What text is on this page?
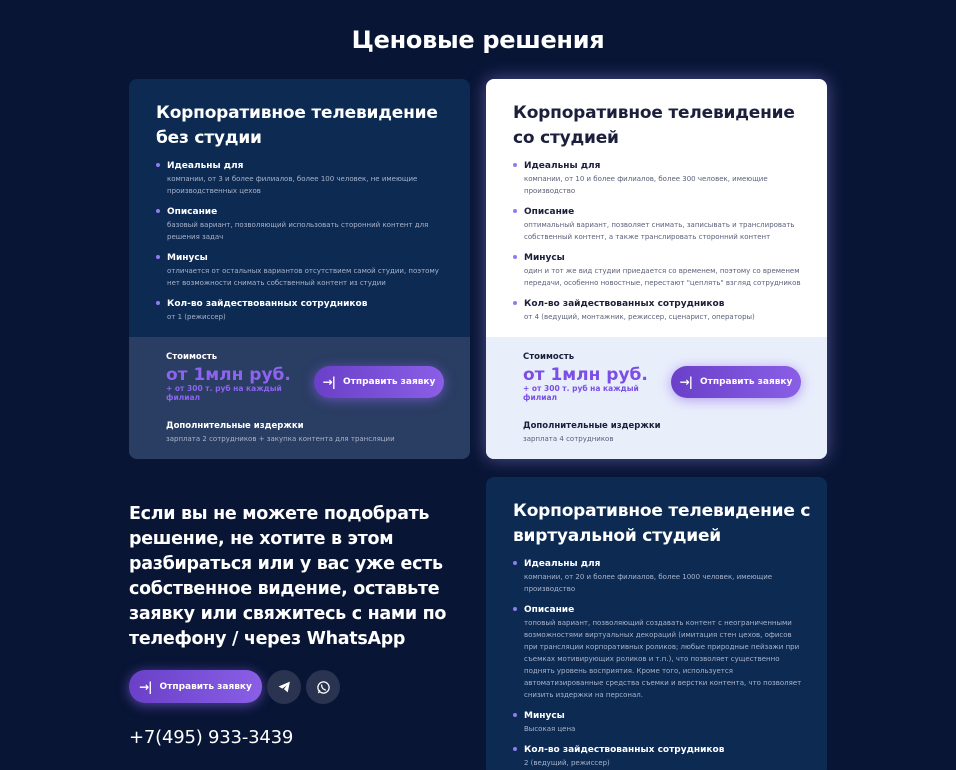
Ценовые решения
Корпоративное телевидение без студии
Идеальны для
компании, от 3 и более филиалов, более 100 человек, не имеющие производственных цехов
Описание
базовый вариант, позволяющий использовать сторонний контент для решения задач
Минусы
отличается от остальных вариантов отсутствием самой студии, поэтому нет возможности снимать собственный контент из студии
Кол-во зайдествованных сотрудников
от 1 (режиссер)
Стоимость
от 1млн руб.
+ от 300 т. руб на каждый филиал
→| Отправить заявку
Дополнительные издержки
зарплата 2 сотрудников + закупка контента для трансляции
Корпоративное телевидение со студией
Идеальны для
компании, от 10 и более филиалов, более 300 человек, имеющие производство
Описание
оптимальный вариант, позволяет снимать, записывать и транслировать собственный контент, а также транслировать сторонний контент
Минусы
один и тот же вид студии приедается со временем, поэтому со временем передачи, особенно новостные, перестают "цеплять" взгляд сотрудников
Кол-во зайдествованных сотрудников
от 4 (ведущий, монтажник, режиссер, сценарист, операторы)
Стоимость
от 1млн руб.
+ от 300 т. руб на каждый филиал
→| Отправить заявку
Дополнительные издержки
зарплата 4 сотрудников
Корпоративное телевидение с виртуальной студией
Идеальны для
компании, от 20 и более филиалов, более 1000 человек, имеющие производство
Описание
топовый вариант, позволяющий создавать контент с неограниченными возможностями виртуальных декораций (имитация стен цехов, офисов при трансляции корпоративных роликов; любые природные пейзажи при съемках мотивирующих роликов и т.п.), что позволяет существенно поднять уровень восприятия. Кроме того, используется автоматизированные средства съемки и верстки контента, что позволяет снизить издержки на персонал.
Минусы
Высокая цена
Кол-во зайдествованных сотрудников
2 (ведущий, режиссер)
Если вы не можете подобрать решение, не хотите в этом разбираться или у вас уже есть собственное видение, оставьте заявку или свяжитесь с нами по телефону / через WhatsApp
→| Отправить заявку
+7(495) 933-3439
